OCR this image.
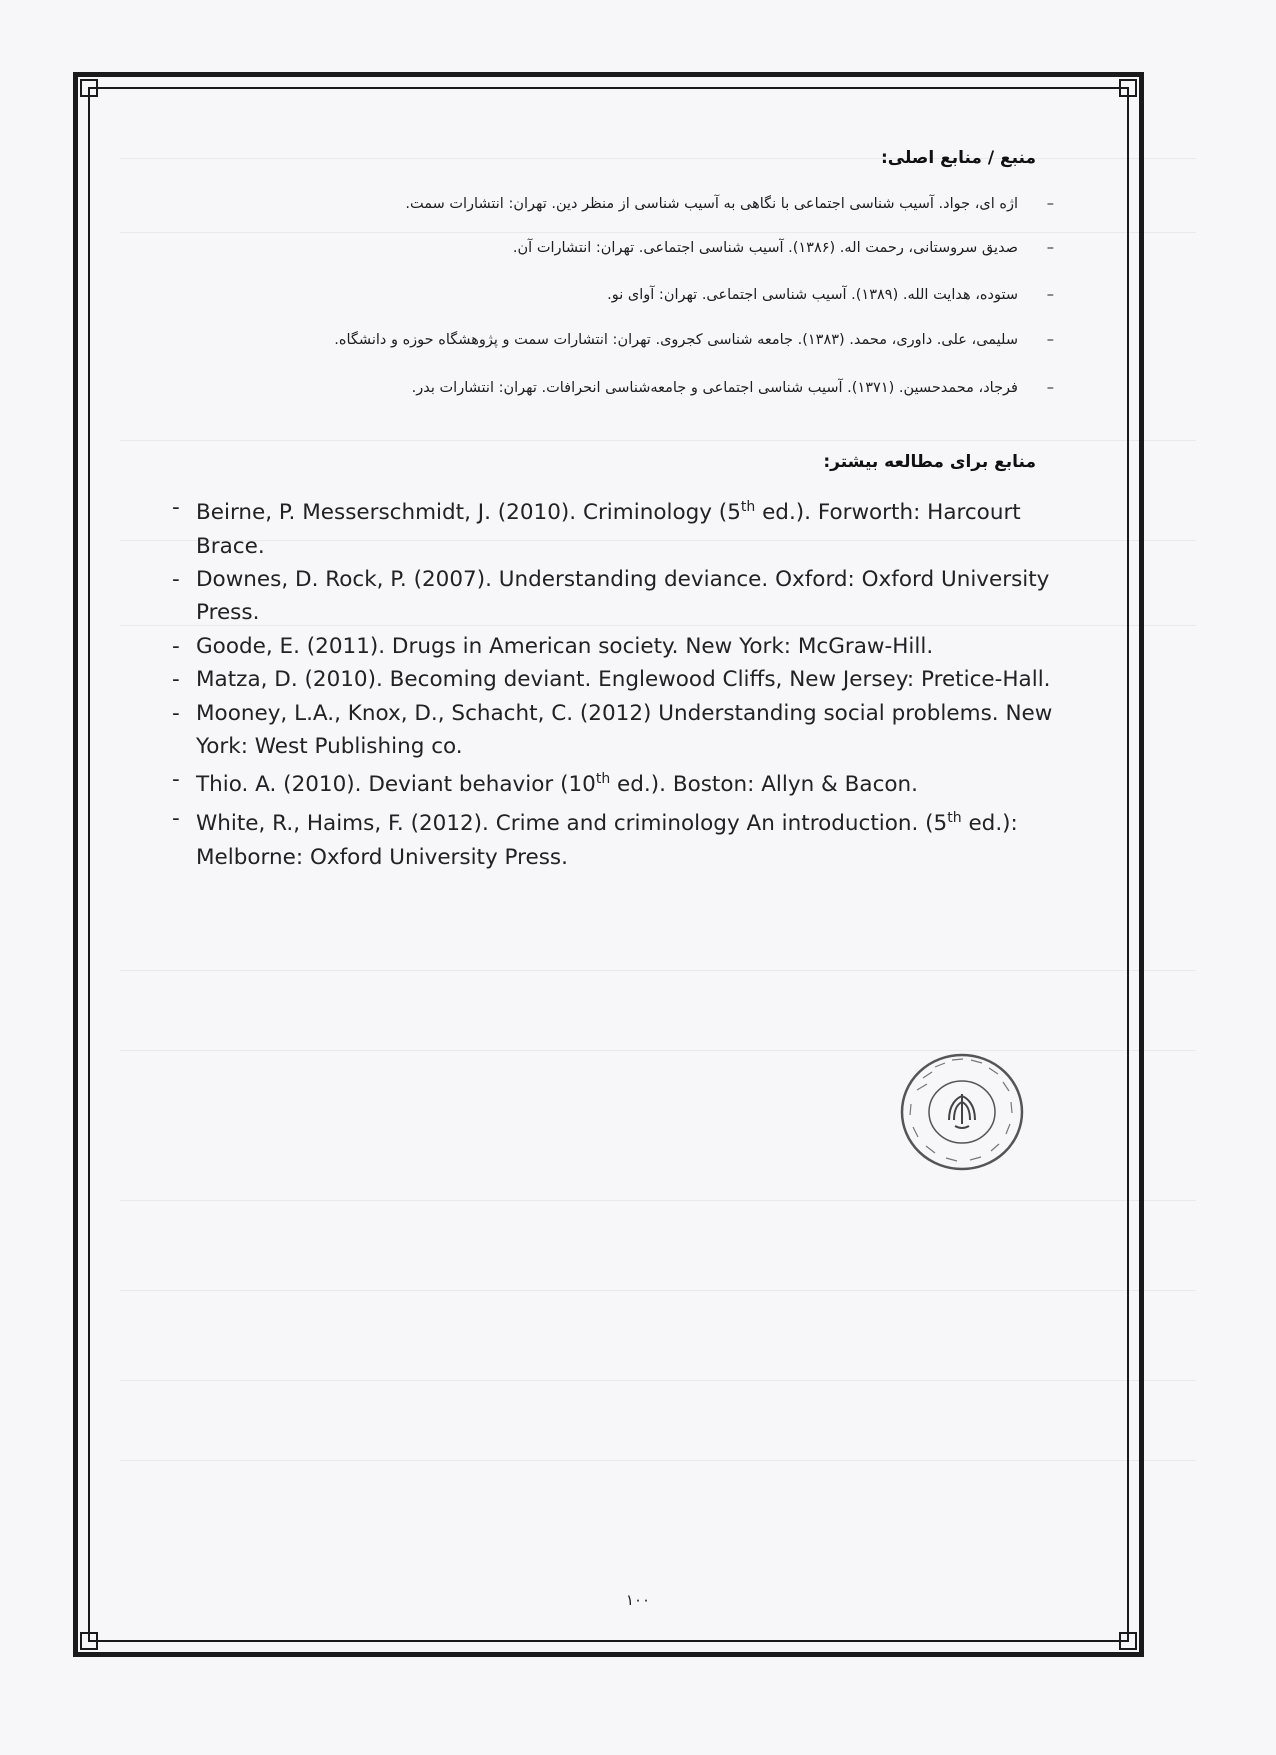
منبع / منابع اصلی:
–
اژه ای، جواد. آسیب شناسی اجتماعی با نگاهی به آسیب شناسی از منظر دین. تهران: انتشارات سمت.
–
صدیق سروستانی، رحمت اله. (۱۳۸۶). آسیب شناسی اجتماعی. تهران: انتشارات آن.
–
ستوده، هدایت الله. (۱۳۸۹). آسیب شناسی اجتماعی. تهران: آوای نو.
–
سلیمی، علی. داوری، محمد. (۱۳۸۳). جامعه شناسی کجروی. تهران: انتشارات سمت و پژوهشگاه حوزه و دانشگاه.
–
فرجاد، محمدحسین. (۱۳۷۱). آسیب شناسی اجتماعی و جامعه‌شناسی انحرافات. تهران: انتشارات بدر.
منابع برای مطالعه بیشتر:
- Beirne, P. Messerschmidt, J. (2010). Criminology (5th ed.). Forworth: Harcourt Brace.
- Downes, D. Rock, P. (2007). Understanding deviance. Oxford: Oxford University Press.
- Goode, E. (2011). Drugs in American society. New York: McGraw-Hill.
- Matza, D. (2010). Becoming deviant. Englewood Cliffs, New Jersey: Pretice-Hall.
- Mooney, L.A., Knox, D., Schacht, C. (2012) Understanding social problems. New York: West Publishing co.
- Thio. A. (2010). Deviant behavior (10th ed.). Boston: Allyn & Bacon.
- White, R., Haims, F. (2012). Crime and criminology An introduction. (5th ed.): Melborne: Oxford University Press.
۱۰۰
